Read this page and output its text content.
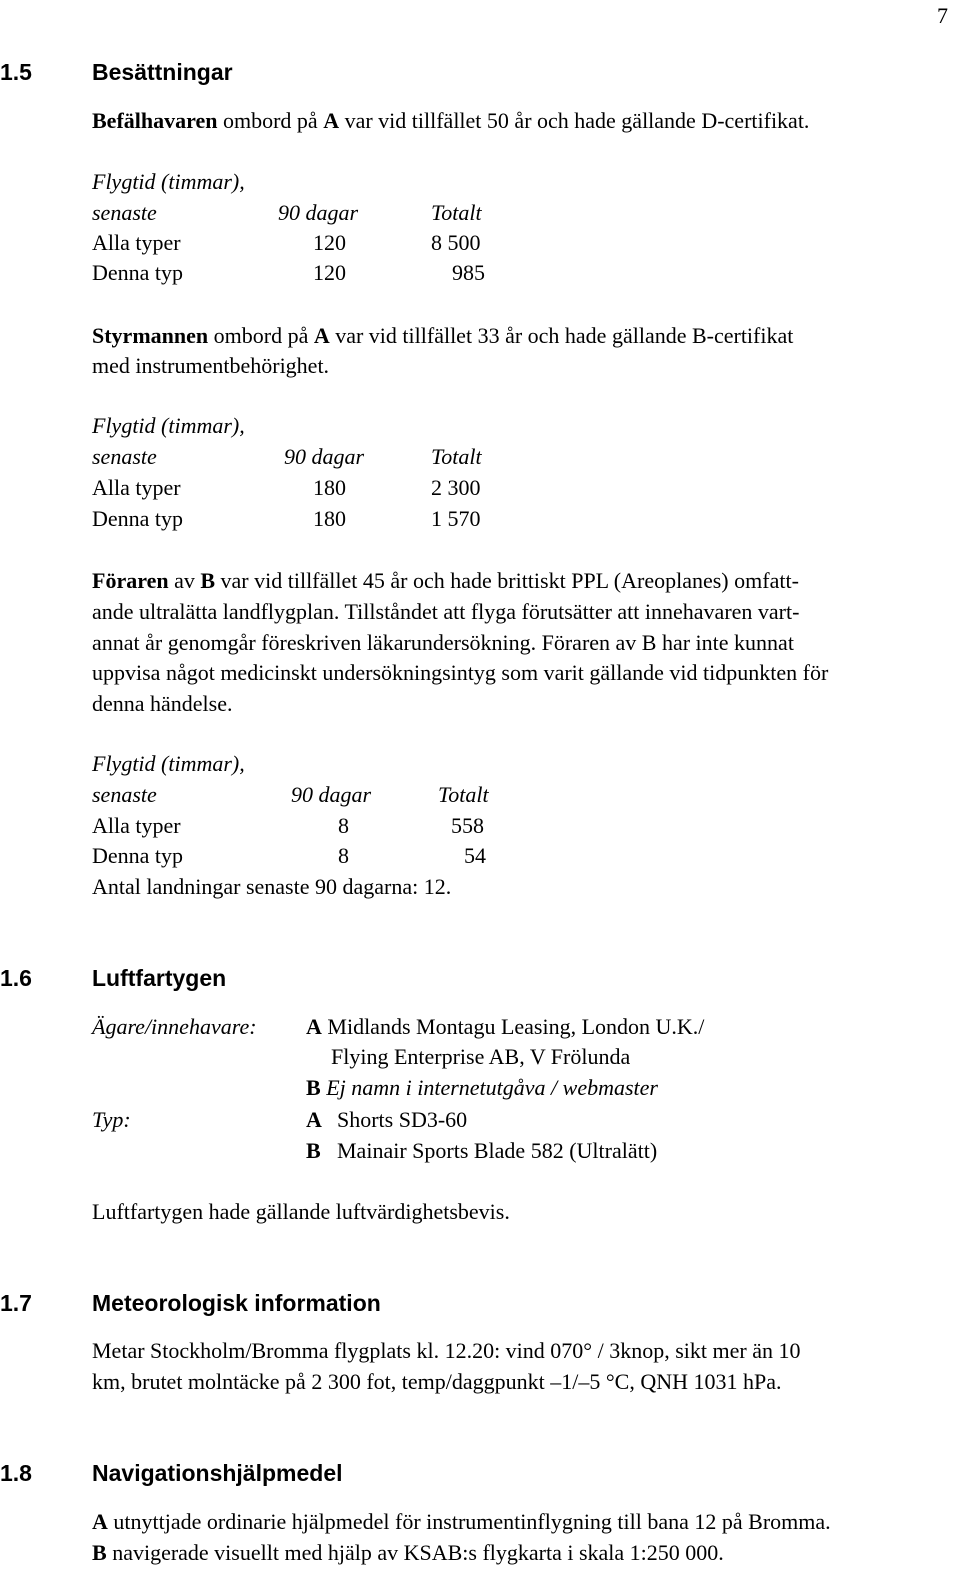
7
1.5	Besättningar
Befälhavaren ombord på A var vid tillfället 50 år och hade gällande D-certifikat.
Flygtid (timmar),
senaste	90 dagar	Totalt
Alla typer	120	8 500
Denna typ	120	985
Styrmannen ombord på A var vid tillfället 33 år och hade gällande B-certifikat
med instrumentbehörighet.
Flygtid (timmar),
senaste	90 dagar	Totalt
Alla typer	180	2 300
Denna typ	180	1 570
Föraren av B var vid tillfället 45 år och hade brittiskt PPL (Areoplanes) omfatt-
ande ultralätta landflygplan. Tillståndet att flyga förutsätter att innehavaren vart-
annat år genomgår föreskriven läkarundersökning. Föraren av B har inte kunnat
uppvisa något medicinskt undersökningsintyg som varit gällande vid tidpunkten för
denna händelse.
Flygtid (timmar),
senaste	90 dagar	Totalt
Alla typer	8	558
Denna typ	8	54
Antal landningar senaste 90 dagarna: 12.
1.6	Luftfartygen
Ägare/innehavare: A Midlands Montagu Leasing, London U.K./
Flying Enterprise AB, V Frölunda
B Ej namn i internetutgåva / webmaster
Typ:	A Shorts SD3-60
B Mainair Sports Blade 582 (Ultralätt)
Luftfartygen hade gällande luftvärdighetsbevis.
1.7	Meteorologisk information
Metar Stockholm/Bromma flygplats kl. 12.20: vind 070° / 3knop, sikt mer än 10
km, brutet molntäcke på 2 300 fot, temp/daggpunkt –1/–5 °C, QNH 1031 hPa.
1.8	Navigationshjälpmedel
A utnyttjade ordinarie hjälpmedel för instrumentinflygning till bana 12 på Bromma.
B navigerade visuellt med hjälp av KSAB:s flygkarta i skala 1:250 000.
